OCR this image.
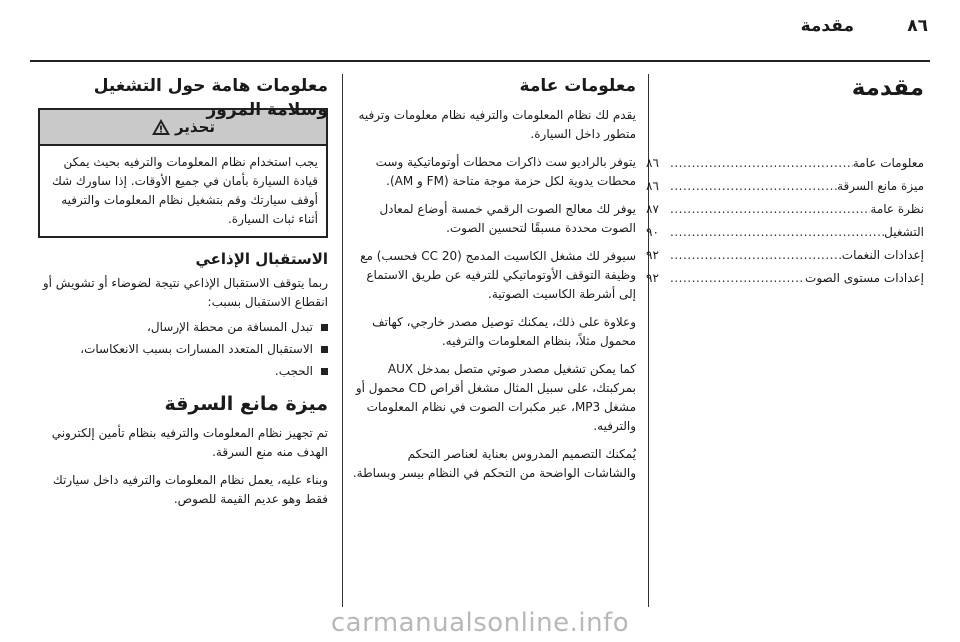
٨٦
مقدمة
مقدمة
معلومات عامة
.....
٨٦
ميزة مانع السرقة
.....
٨٦
نظرة عامة
.....
٨٧
التشغيل
.....
٩٠
إعدادات النغمات
.....
٩٢
إعدادات مستوى الصوت
.....
٩٢
معلومات عامة

يقدم لك نظام المعلومات والترفيه نظام معلومات وترفيه متطور داخل السيارة.

يتوفر بالراديو ست ذاكرات محطات أوتوماتيكية وست محطات يدوية لكل حزمة موجة متاحة (FM و AM).

يوفر لك معالج الصوت الرقمي خمسة أوضاع لمعادل الصوت محددة مسبقًا لتحسين الصوت.

سيوفر لك مشغل الكاسيت المدمج (20 CC فحسب) مع وظيفة التوقف الأوتوماتيكي للترفيه عن طريق الاستماع إلى أشرطة الكاسيت الصوتية.

وعلاوة على ذلك، يمكنك توصيل مصدر خارجي، كهاتف محمول مثلاً، بنظام المعلومات والترفيه.

كما يمكن تشغيل مصدر صوتي متصل بمدخل AUX بمركبتك، على سبيل المثال مشغل أقراص CD محمول أو مشغل MP3، عبر مكبرات الصوت في نظام المعلومات والترفيه.

يُمكنك التصميم المدروس بعناية لعناصر التحكم والشاشات الواضحة من التحكم في النظام بيسر وبساطة.

معلومات هامة حول التشغيل وسلامة المرور
تحذير

يجب استخدام نظام المعلومات والترفيه بحيث يمكن قيادة السيارة بأمان في جميع الأوقات. إذا ساورك شك أوقف سيارتك وقم بتشغيل نظام المعلومات والترفيه أثناء ثبات السيارة.

الاستقبال الإذاعي

ربما يتوقف الاستقبال الإذاعي نتيجة لضوضاء أو تشويش أو انقطاع الاستقبال بسبب:

تبدل المسافة من محطة الإرسال،
الاستقبال المتعدد المسارات بسبب الانعكاسات،
الحجب.
ميزة مانع السرقة

تم تجهيز نظام المعلومات والترفيه بنظام تأمين إلكتروني الهدف منه منع السرقة.

وبناء عليه، يعمل نظام المعلومات والترفيه داخل سيارتك فقط وهو عديم القيمة للصوص.

carmanualsonline.info
